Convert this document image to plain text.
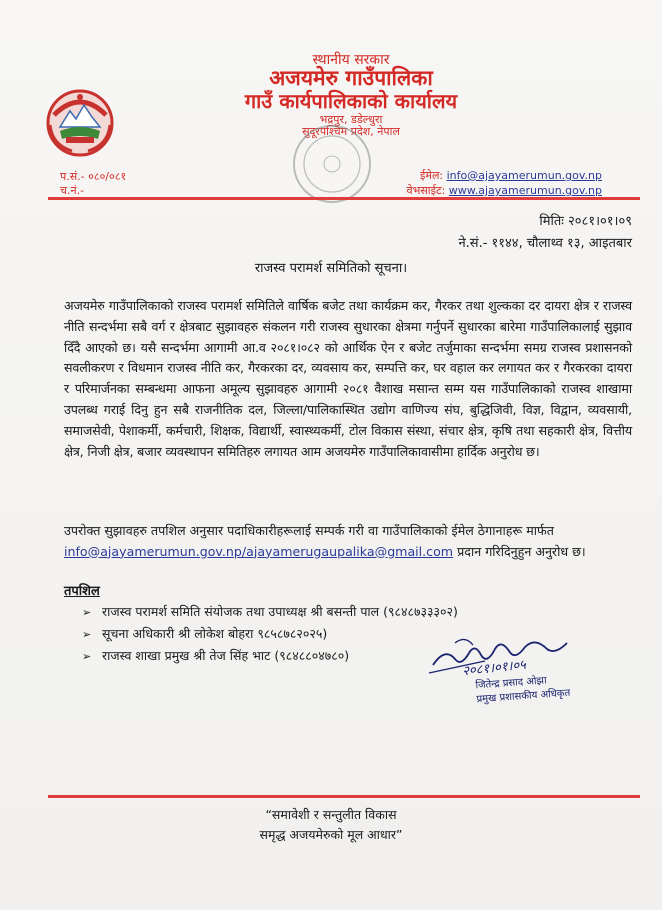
स्थानीय सरकार
अजयमेरु गाउँपालिका
गाउँ कार्यपालिकाको कार्यालय
भद्रपुर, डडेल्धुरा
सुदूरपश्चिम प्रदेश, नेपाल
प.सं.- ०८०/०८१
च.नं.-
ईमेल: info@ajayamerumun.gov.np
वेभसाईट: www.ajayamerumun.gov.np
मितिः २०८१।०१।०९
ने.सं.- ११४४, चौलाथ्व १३, आइतबार
राजस्व परामर्श समितिको सूचना।
अजयमेरु गाउँपालिकाको राजस्व परामर्श समितिले वार्षिक बजेट तथा कार्यक्रम कर, गैरकर तथा शुल्कका दर दायरा क्षेत्र र राजस्व नीति सन्दर्भमा सबै वर्ग र क्षेत्रबाट सुझावहरु संकलन गरी राजस्व सुधारका क्षेत्रमा गर्नुपर्ने सुधारका बारेमा गाउँपालिकालाई सुझाव दिँदै आएको छ। यसै सन्दर्भमा आगामी आ.व २०८१।०८२ को आर्थिक ऐन र बजेट तर्जुमाका सन्दर्भमा समग्र राजस्व प्रशासनको सवलीकरण र विधमान राजस्व नीति कर, गैरकरका दर, व्यवसाय कर, सम्पत्ति कर, घर वहाल कर लगायत कर र गैरकरका दायरा र परिमार्जनका सम्बन्धमा आफना अमूल्य सुझावहरु आगामी २०८१ वैशाख मसान्त सम्म यस गाउँपालिकाको राजस्व शाखामा उपलब्ध गराई दिनु हुन सबै राजनीतिक दल, जिल्ला/पालिकास्थित उद्योग वाणिज्य संघ, बुद्धिजिवी, विज्ञ, विद्वान, व्यवसायी, समाजसेवी, पेशाकर्मी, कर्मचारी, शिक्षक, विद्यार्थी, स्वास्थ्यकर्मी, टोल विकास संस्था, संचार क्षेत्र, कृषि तथा सहकारी क्षेत्र, वित्तीय क्षेत्र, निजी क्षेत्र, बजार व्यवस्थापन समितिहरु लगायत आम अजयमेरु गाउँपालिकावासीमा हार्दिक अनुरोध छ।
उपरोक्त सुझावहरु तपशिल अनुसार पदाधिकारीहरूलाई सम्पर्क गरी वा गाउँपालिकाको ईमेल ठेगानाहरू मार्फत
info@ajayamerumun.gov.np/ajayamerugaupalika@gmail.com प्रदान गरिदिनुहुन अनुरोध छ।
तपशिल
➢ राजस्व परामर्श समिति संयोजक तथा उपाध्यक्ष श्री बसन्ती पाल (९८४८७३३३०२)
➢ सूचना अधिकारी श्री लोकेश बोहरा ९८५८७८२०२५)
➢ राजस्व शाखा प्रमुख श्री तेज सिंह भाट (९८४८८०४७८०)
२०८१।०१।०५
जितेन्द्र प्रसाद ओझा
प्रमुख प्रशासकीय अधिकृत
“समावेशी र सन्तुलीत विकास
समृद्ध अजयमेरुको मूल आधार”
